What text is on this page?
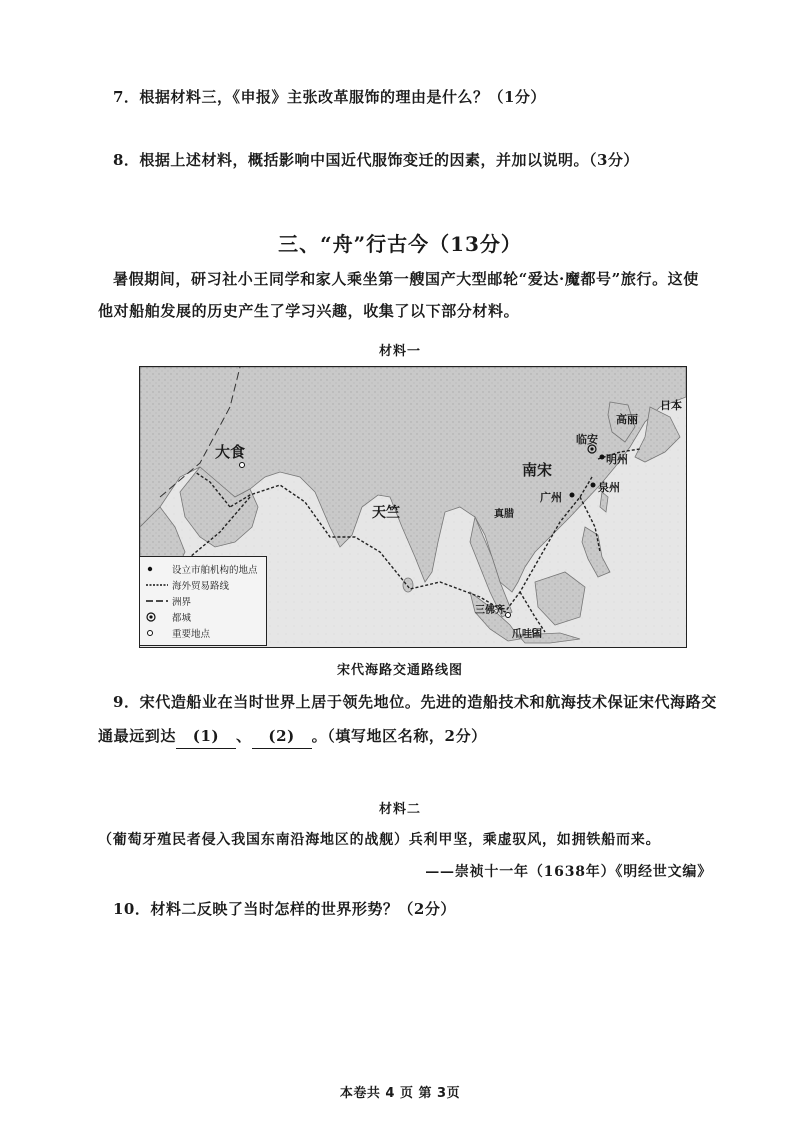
7．根据材料三，《申报》主张改革服饰的理由是什么？（1分）
8．根据上述材料，概括影响中国近代服饰变迁的因素，并加以说明。（3分）
三、“舟”行古今（13分）
暑假期间，研习社小王同学和家人乘坐第一艘国产大型邮轮“爱达·魔都号”旅行。这使
他对船舶发展的历史产生了学习兴趣，收集了以下部分材料。
材料一
大食
天竺
南宋
临安
明州
广州
泉州
高丽
日本
真腊
三佛齐
爪哇国
设立市舶机构的地点
海外贸易路线
洲界
都城
重要地点
宋代海路交通路线图
9．宋代造船业在当时世界上居于领先地位。先进的造船技术和航海技术保证宋代海路交
通最远到达 (1) 、 (2) 。（填写地区名称，2分）
材料二
（葡萄牙殖民者侵入我国东南沿海地区的战舰）兵利甲坚，乘虚驭风，如拥铁船而来。
——崇祯十一年（1638年）《明经世文编》
10．材料二反映了当时怎样的世界形势？（2分）
本卷共 4 页 第 3页
